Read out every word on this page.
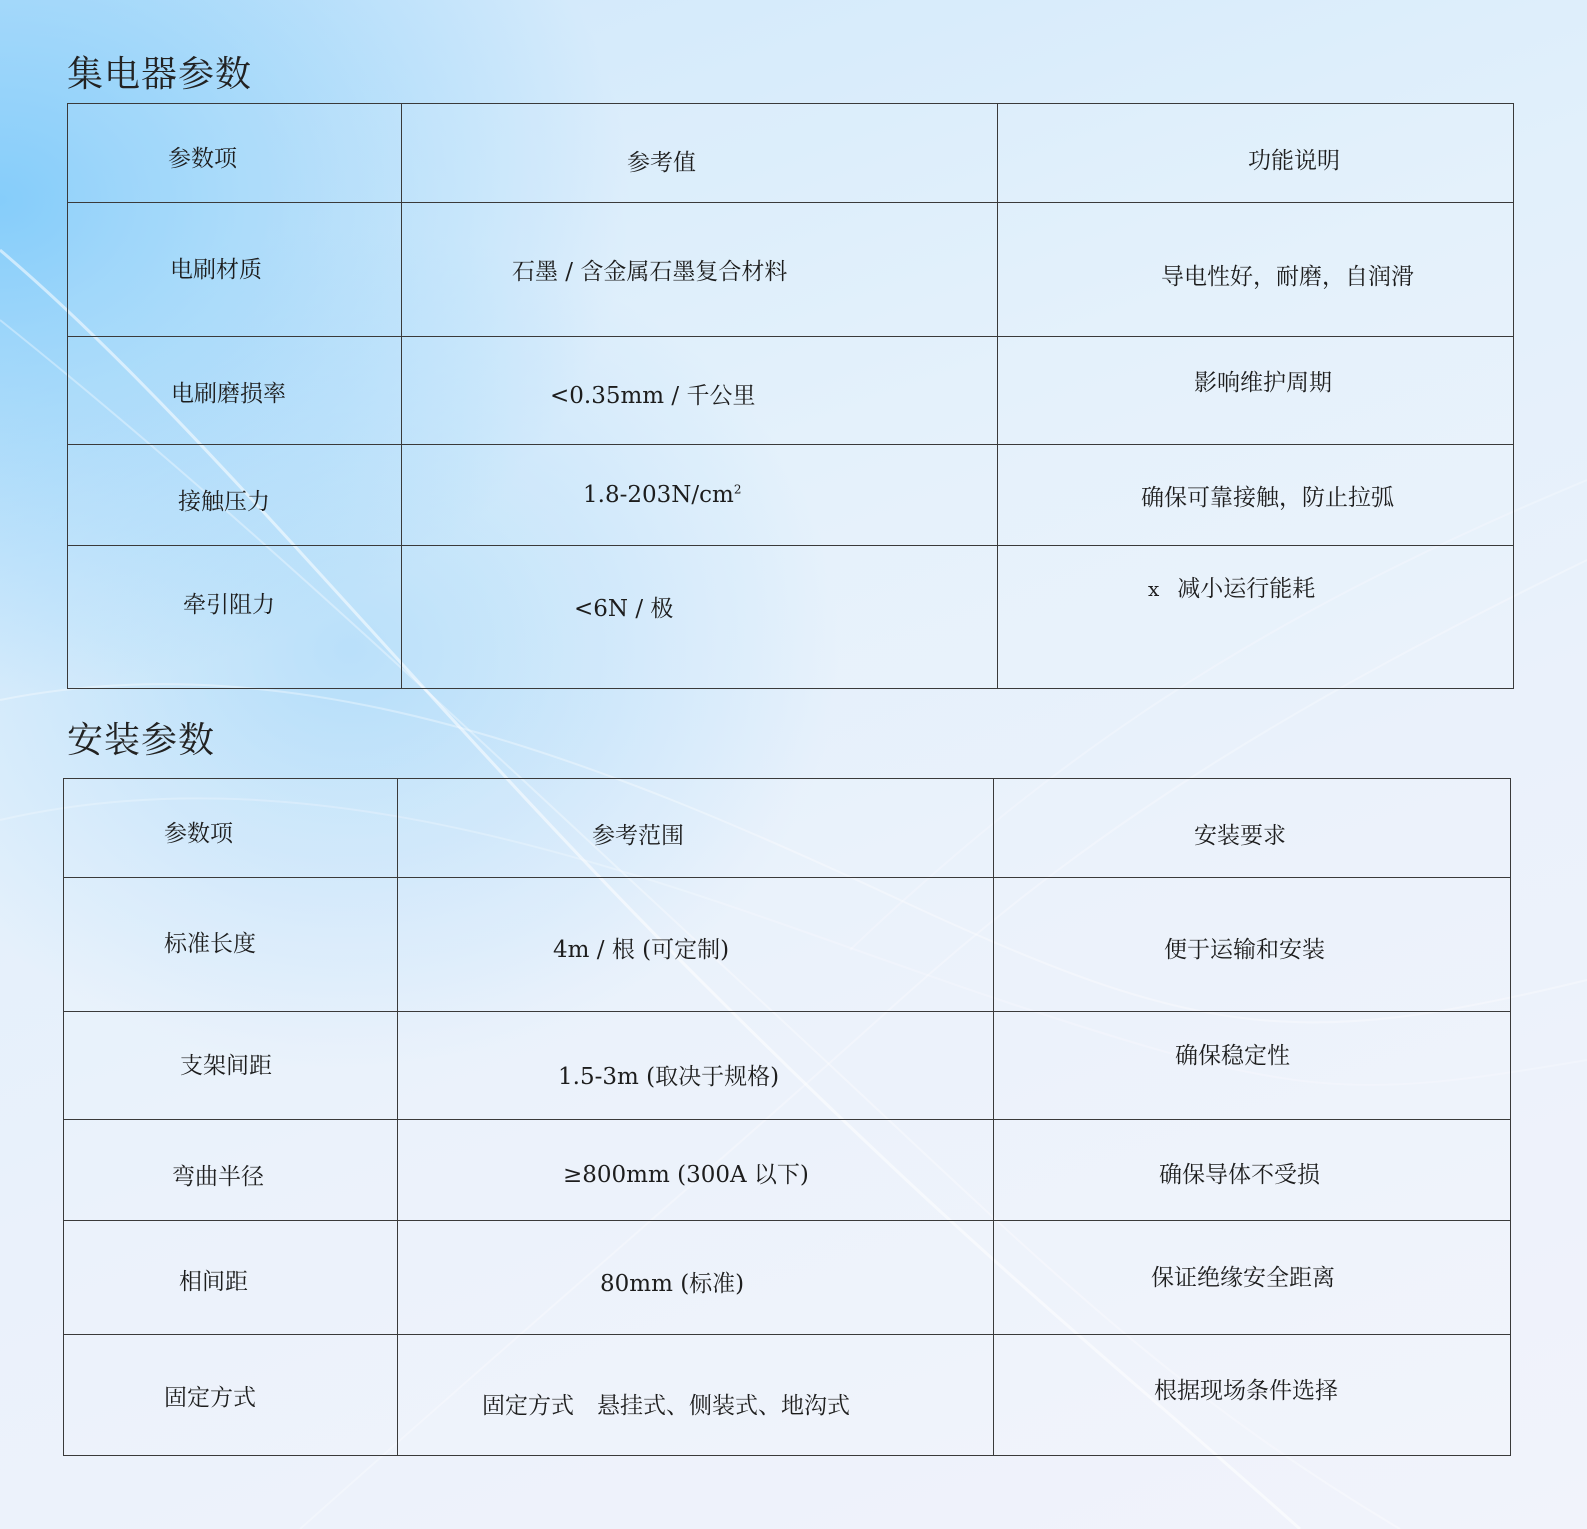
集电器参数
参数项	参考值	功能说明

电刷材质	石墨 / 含金属石墨复合材料	导电性好，耐磨，自润滑

电刷磨损率	<0.35mm / 千公里	影响维护周期

接触压力	$1.8-203N/cm^2$	确保可靠接触，防止拉弧

牵引阻力	<6N / 极	x 减小运行能耗
安装参数
参数项	参考范围	安装要求

标准长度	4m / 根 (可定制)	便于运输和安装

支架间距	1.5-3m (取决于规格)	确保稳定性

弯曲半径	≥800mm (300A 以下)	确保导体不受损

相间距	80mm (标准)	保证绝缘安全距离

固定方式	固定方式　悬挂式、侧装式、地沟式	根据现场条件选择
